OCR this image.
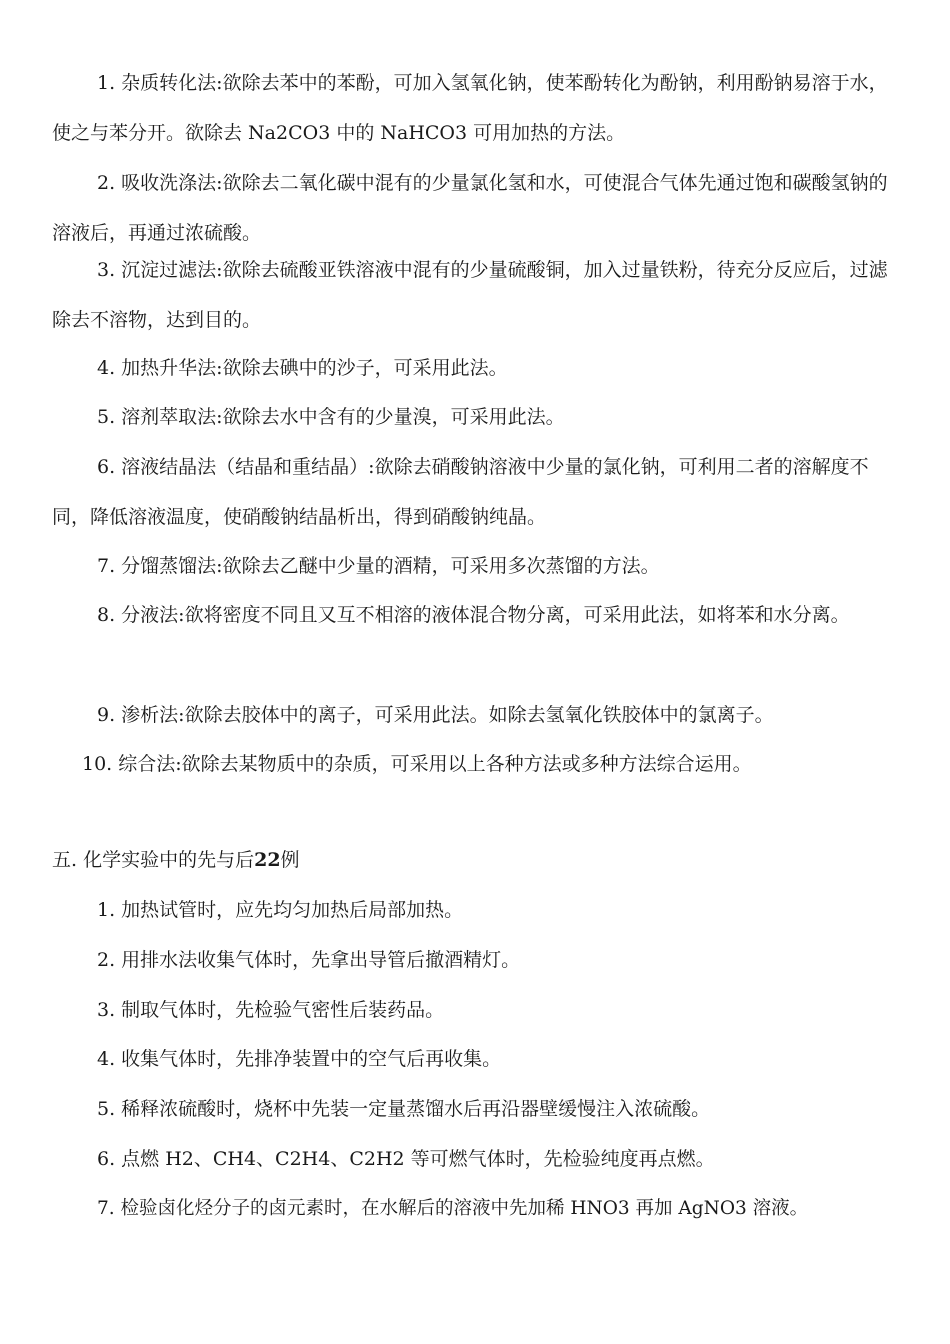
1. 杂质转化法:欲除去苯中的苯酚，可加入氢氧化钠，使苯酚转化为酚钠，利用酚钠易溶于水，使之与苯分开。欲除去 Na2CO3 中的 NaHCO3 可用加热的方法。

2. 吸收洗涤法:欲除去二氧化碳中混有的少量氯化氢和水，可使混合气体先通过饱和碳酸氢钠的溶液后，再通过浓硫酸。

3. 沉淀过滤法:欲除去硫酸亚铁溶液中混有的少量硫酸铜，加入过量铁粉，待充分反应后，过滤除去不溶物，达到目的。

4. 加热升华法:欲除去碘中的沙子，可采用此法。

5. 溶剂萃取法:欲除去水中含有的少量溴，可采用此法。

6. 溶液结晶法（结晶和重结晶）:欲除去硝酸钠溶液中少量的氯化钠，可利用二者的溶解度不同，降低溶液温度，使硝酸钠结晶析出，得到硝酸钠纯晶。

7. 分馏蒸馏法:欲除去乙醚中少量的酒精，可采用多次蒸馏的方法。

8. 分液法:欲将密度不同且又互不相溶的液体混合物分离，可采用此法，如将苯和水分离。

9. 渗析法:欲除去胶体中的离子，可采用此法。如除去氢氧化铁胶体中的氯离子。

10. 综合法:欲除去某物质中的杂质，可采用以上各种方法或多种方法综合运用。

五. 化学实验中的先与后22例

1. 加热试管时，应先均匀加热后局部加热。

2. 用排水法收集气体时，先拿出导管后撤酒精灯。

3. 制取气体时，先检验气密性后装药品。

4. 收集气体时，先排净装置中的空气后再收集。

5. 稀释浓硫酸时，烧杯中先装一定量蒸馏水后再沿器壁缓慢注入浓硫酸。

6. 点燃 H2、CH4、C2H4、C2H2 等可燃气体时，先检验纯度再点燃。

7. 检验卤化烃分子的卤元素时，在水解后的溶液中先加稀 HNO3 再加 AgNO3 溶液。
